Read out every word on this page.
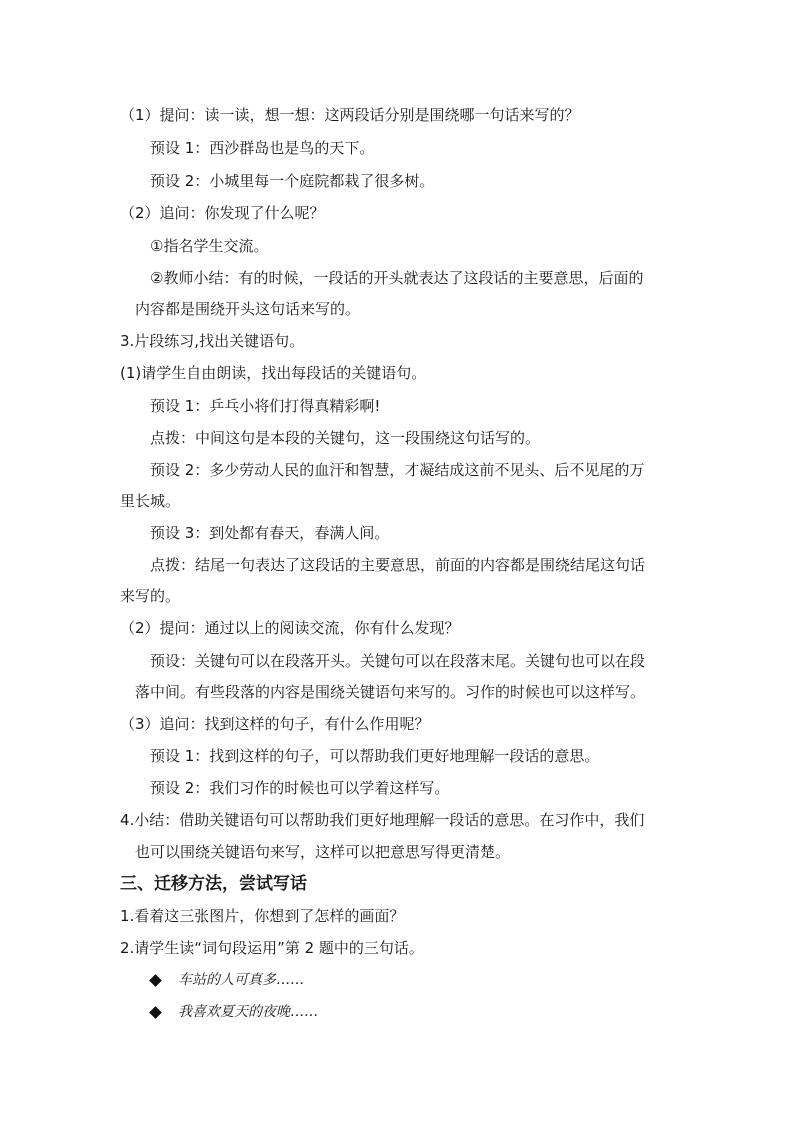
（1）提问：读一读，想一想：这两段话分别是围绕哪一句话来写的？
预设 1：西沙群岛也是鸟的天下。
预设 2：小城里每一个庭院都栽了很多树。
（2）追问：你发现了什么呢？
①指名学生交流。
②教师小结：有的时候，一段话的开头就表达了这段话的主要意思，后面的
内容都是围绕开头这句话来写的。
3.片段练习,找出关键语句。
(1)请学生自由朗读，找出每段话的关键语句。
预设 1：乒乓小将们打得真精彩啊!
点拨：中间这句是本段的关键句，这一段围绕这句话写的。
预设 2：多少劳动人民的血汗和智慧，才凝结成这前不见头、后不见尾的万
里长城。
预设 3：到处都有春天，春满人间。
点拨：结尾一句表达了这段话的主要意思，前面的内容都是围绕结尾这句话
来写的。
（2）提问：通过以上的阅读交流，你有什么发现？
预设：关键句可以在段落开头。关键句可以在段落末尾。关键句也可以在段
落中间。有些段落的内容是围绕关键语句来写的。习作的时候也可以这样写。
（3）追问：找到这样的句子，有什么作用呢？
预设 1：找到这样的句子，可以帮助我们更好地理解一段话的意思。
预设 2：我们习作的时候也可以学着这样写。
4.小结：借助关键语句可以帮助我们更好地理解一段话的意思。在习作中，我们
也可以围绕关键语句来写，这样可以把意思写得更清楚。
三、迁移方法，尝试写话
1.看着这三张图片，你想到了怎样的画面？
2.请学生读“词句段运用”第 2 题中的三句话。
车站的人可真多……
我喜欢夏天的夜晚……
